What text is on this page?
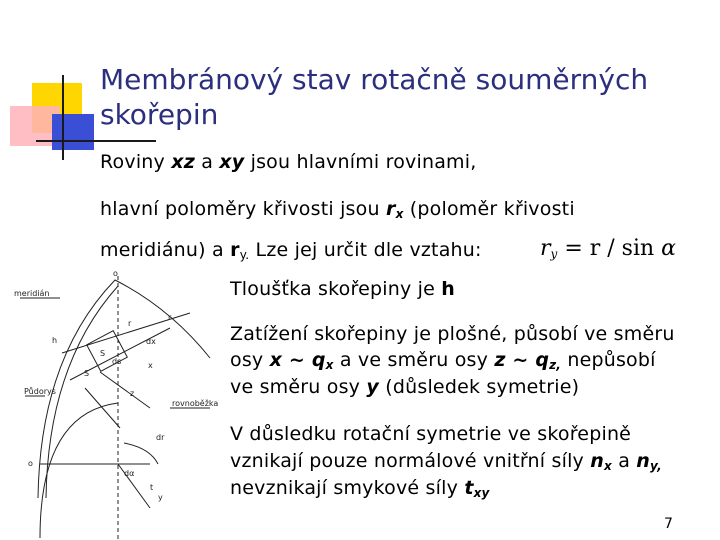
Membránový stav rotačně souměrných skořepin
Roviny xz a xy jsou hlavními rovinami,
hlavní poloměry křivosti jsou $r_x$ (poloměr křivosti
meridiánu) a $r_{y.}$ Lze jej určit dle vztahu:	$r_y = r / \sin \alpha$
Tloušťka skořepiny je h
Zatížení skořepiny je plošné, působí ve směru
osy x ~ $q_x$ a ve směru osy z ~ $q_{z,}$ nepůsobí
ve směru osy y (důsledek symetrie)
V důsledku rotační symetrie ve skořepině
vznikají pouze normálové vnitřní síly $n_x$ a $n_{y,}$
nevznikají smykové síly $t_{xy}$
meridián
Půdorys
rovnoběžka
o
h
r
r
x
z
y
dx
ds
o
dα
dr
t
S
S
7
